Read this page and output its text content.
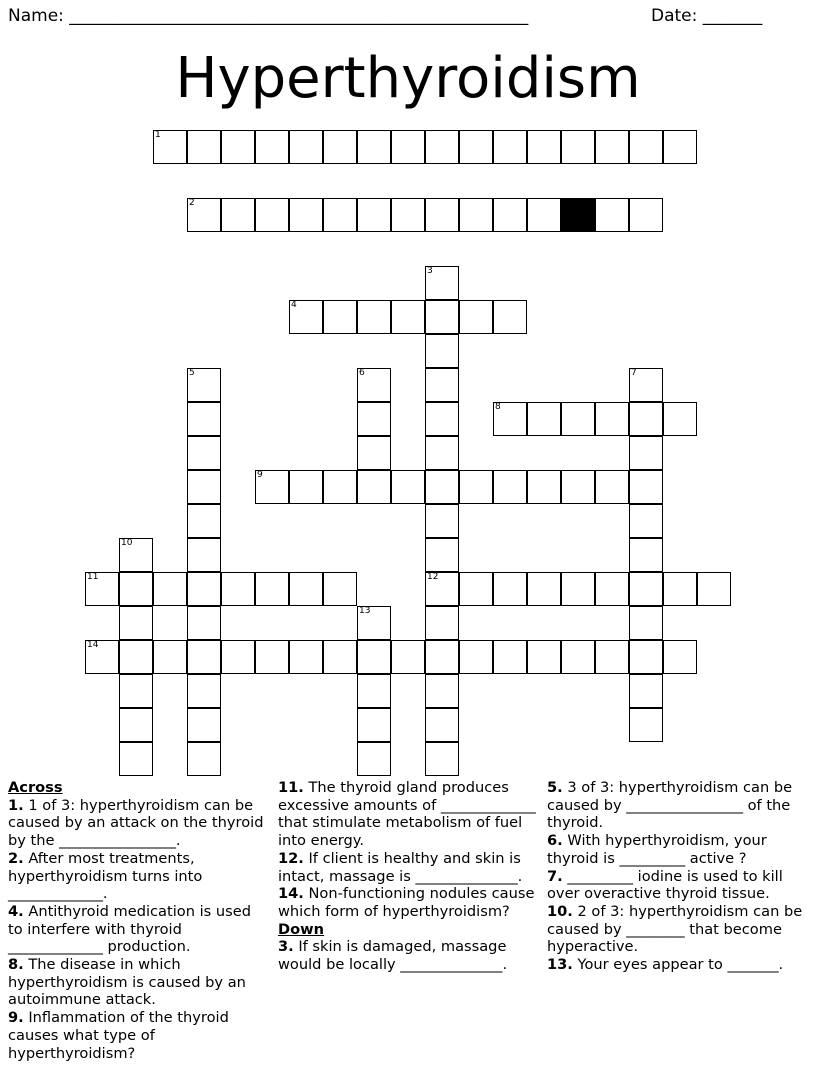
Name: ______________________________________________________	Date: _______
Hyperthyroidism
1
2
3
12
4
5	6	7
8
9
10
11
13
14

Across

1. 1 of 3: hyperthyroidism can be caused by an attack on the thyroid by the ________________.

2. After most treatments, hyperthyroidism turns into _____________.

4. Antithyroid medication is used to interfere with thyroid _____________ production.

8. The disease in which hyperthyroidism is caused by an autoimmune attack.

9. Inflammation of the thyroid causes what type of hyperthyroidism?

11. The thyroid gland produces excessive amounts of _____________ that stimulate metabolism of fuel into energy.

12. If client is healthy and skin is intact, massage is ______________.

14. Non-functioning nodules cause which form of hyperthyroidism?

Down

3. If skin is damaged, massage would be locally ______________.

5. 3 of 3: hyperthyroidism can be caused by ________________ of the thyroid.

6. With hyperthyroidism, your thyroid is _________ active ?

7. _________ iodine is used to kill over overactive thyroid tissue.

10. 2 of 3: hyperthyroidism can be caused by ________ that become hyperactive.

13. Your eyes appear to _______.
